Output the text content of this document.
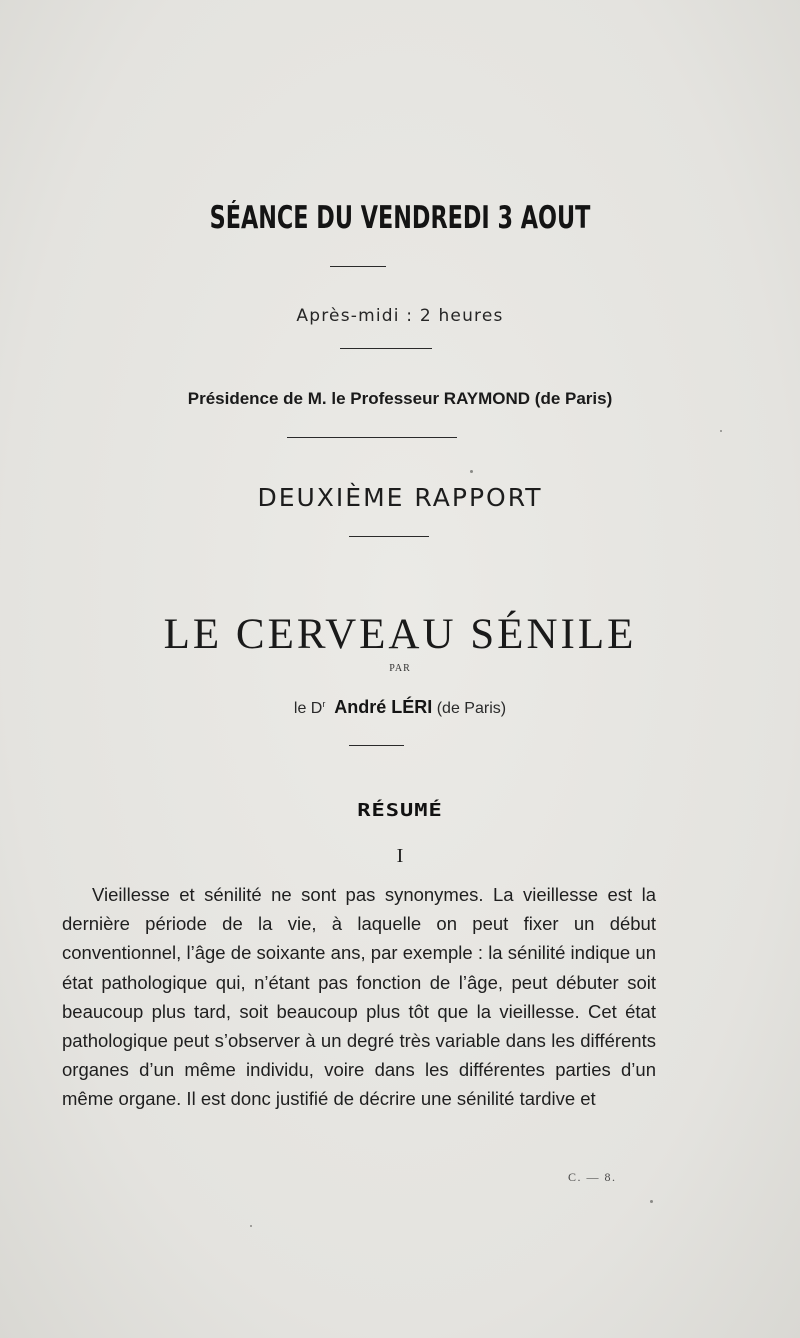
SÉANCE DU VENDREDI 3 AOUT
Après-midi : 2 heures
Présidence de M. le Professeur RAYMOND (de Paris)
DEUXIÈME RAPPORT
LE CERVEAU SÉNILE
PAR
le $D^r$ André LÉRI (de Paris)
RÉSUMÉ
I

Vieillesse et sénilité ne sont pas synonymes. La vieillesse est la dernière période de la vie, à laquelle on peut fixer un début conventionnel, l’âge de soixante ans, par exemple : la sénilité indique un état pathologique qui, n’étant pas fonction de l’âge, peut débuter soit beaucoup plus tard, soit beaucoup plus tôt que la vieillesse. Cet état pathologique peut s’observer à un degré très variable dans les différents organes d’un même individu, voire dans les différentes parties d’un même organe. Il est donc justifié de décrire une sénilité tardive et

C. — 8.
